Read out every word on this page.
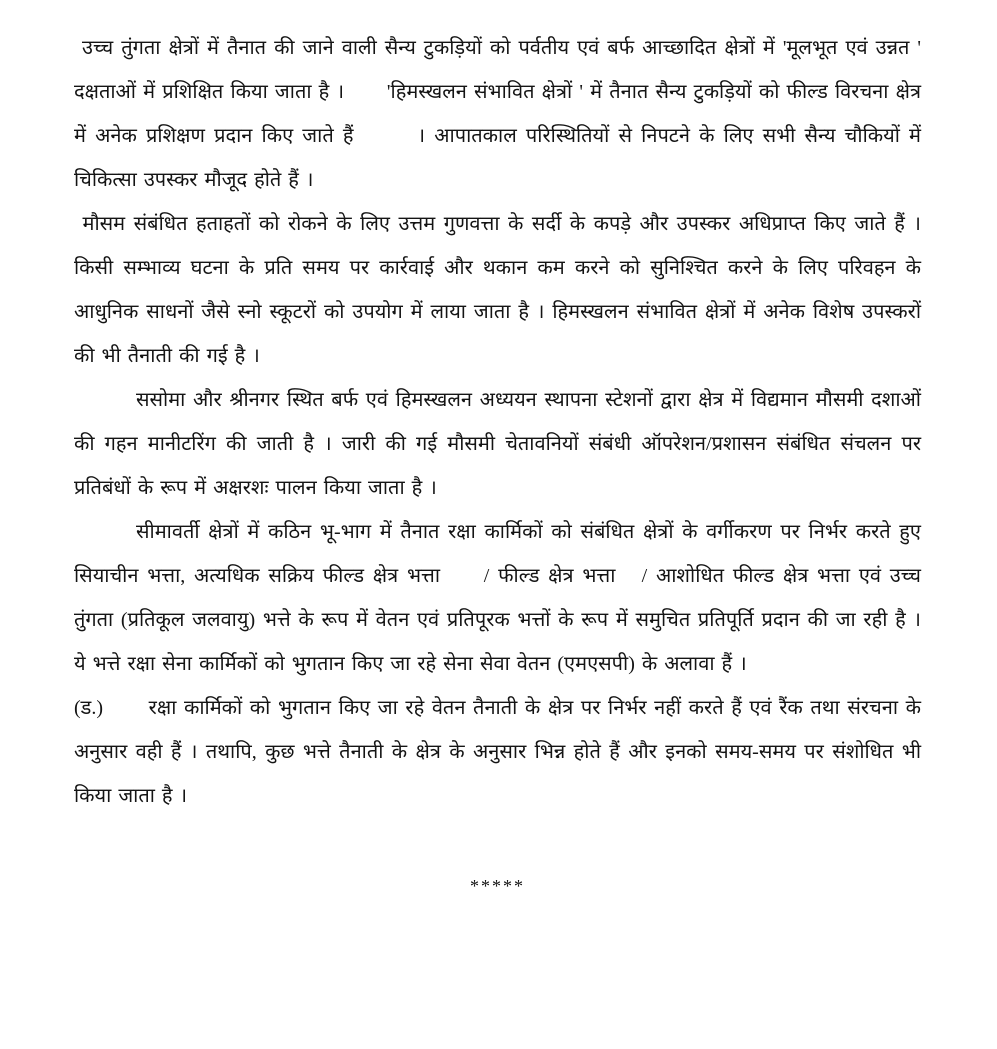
उच्च तुंगता क्षेत्रों में तैनात की जाने वाली सैन्य टुकड़ियों को पर्वतीय एवं बर्फ आच्छादित क्षेत्रों में 'मूलभूत एवं उन्नत ' दक्षताओं में प्रशिक्षित किया जाता है ।      'हिमस्खलन संभावित क्षेत्रों ' में तैनात सैन्य टुकड़ियों को फील्ड विरचना क्षेत्र में अनेक प्रशिक्षण प्रदान किए जाते हैं       । आपातकाल परिस्थितियों से निपटने के लिए सभी सैन्य चौकियों में चिकित्सा उपस्कर मौजूद होते हैं ।

मौसम संबंधित हताहतों को रोकने के लिए उत्तम गुणवत्ता के सर्दी के कपड़े और उपस्कर अधिप्राप्त किए जाते हैं । किसी सम्भाव्य घटना के प्रति समय पर कार्रवाई और थकान कम करने को सुनिश्चित करने के लिए परिवहन के आधुनिक साधनों जैसे स्नो स्कूटरों को उपयोग में लाया जाता है । हिमस्खलन संभावित क्षेत्रों में अनेक विशेष उपस्करों की भी तैनाती की गई है ।

ससोमा और श्रीनगर स्थित बर्फ एवं हिमस्खलन अध्ययन स्थापना स्टेशनों द्वारा क्षेत्र में विद्यमान मौसमी दशाओं की गहन मानीटरिंग की जाती है । जारी की गई मौसमी चेतावनियों संबंधी ऑपरेशन/प्रशासन संबंधित संचलन पर प्रतिबंधों के रूप में अक्षरशः पालन किया जाता है ।

सीमावर्ती क्षेत्रों में कठिन भू-भाग में तैनात रक्षा कार्मिकों को संबंधित क्षेत्रों के वर्गीकरण पर निर्भर करते हुए सियाचीन भत्ता, अत्यधिक सक्रिय फील्ड क्षेत्र भत्ता     / फील्ड क्षेत्र भत्ता   / आशोधित फील्ड क्षेत्र भत्ता एवं उच्च तुंगता (प्रतिकूल जलवायु) भत्ते के रूप में वेतन एवं प्रतिपूरक भत्तों के रूप में समुचित प्रतिपूर्ति प्रदान की जा रही है । ये भत्ते रक्षा सेना कार्मिकों को भुगतान किए जा रहे सेना सेवा वेतन (एमएसपी) के अलावा हैं ।

(ड.)      रक्षा कार्मिकों को भुगतान किए जा रहे वेतन तैनाती के क्षेत्र पर निर्भर नहीं करते हैं एवं रैंक तथा संरचना के अनुसार वही हैं । तथापि, कुछ भत्ते तैनाती के क्षेत्र के अनुसार भिन्न होते हैं और इनको समय-समय पर संशोधित भी किया जाता है ।

*****
